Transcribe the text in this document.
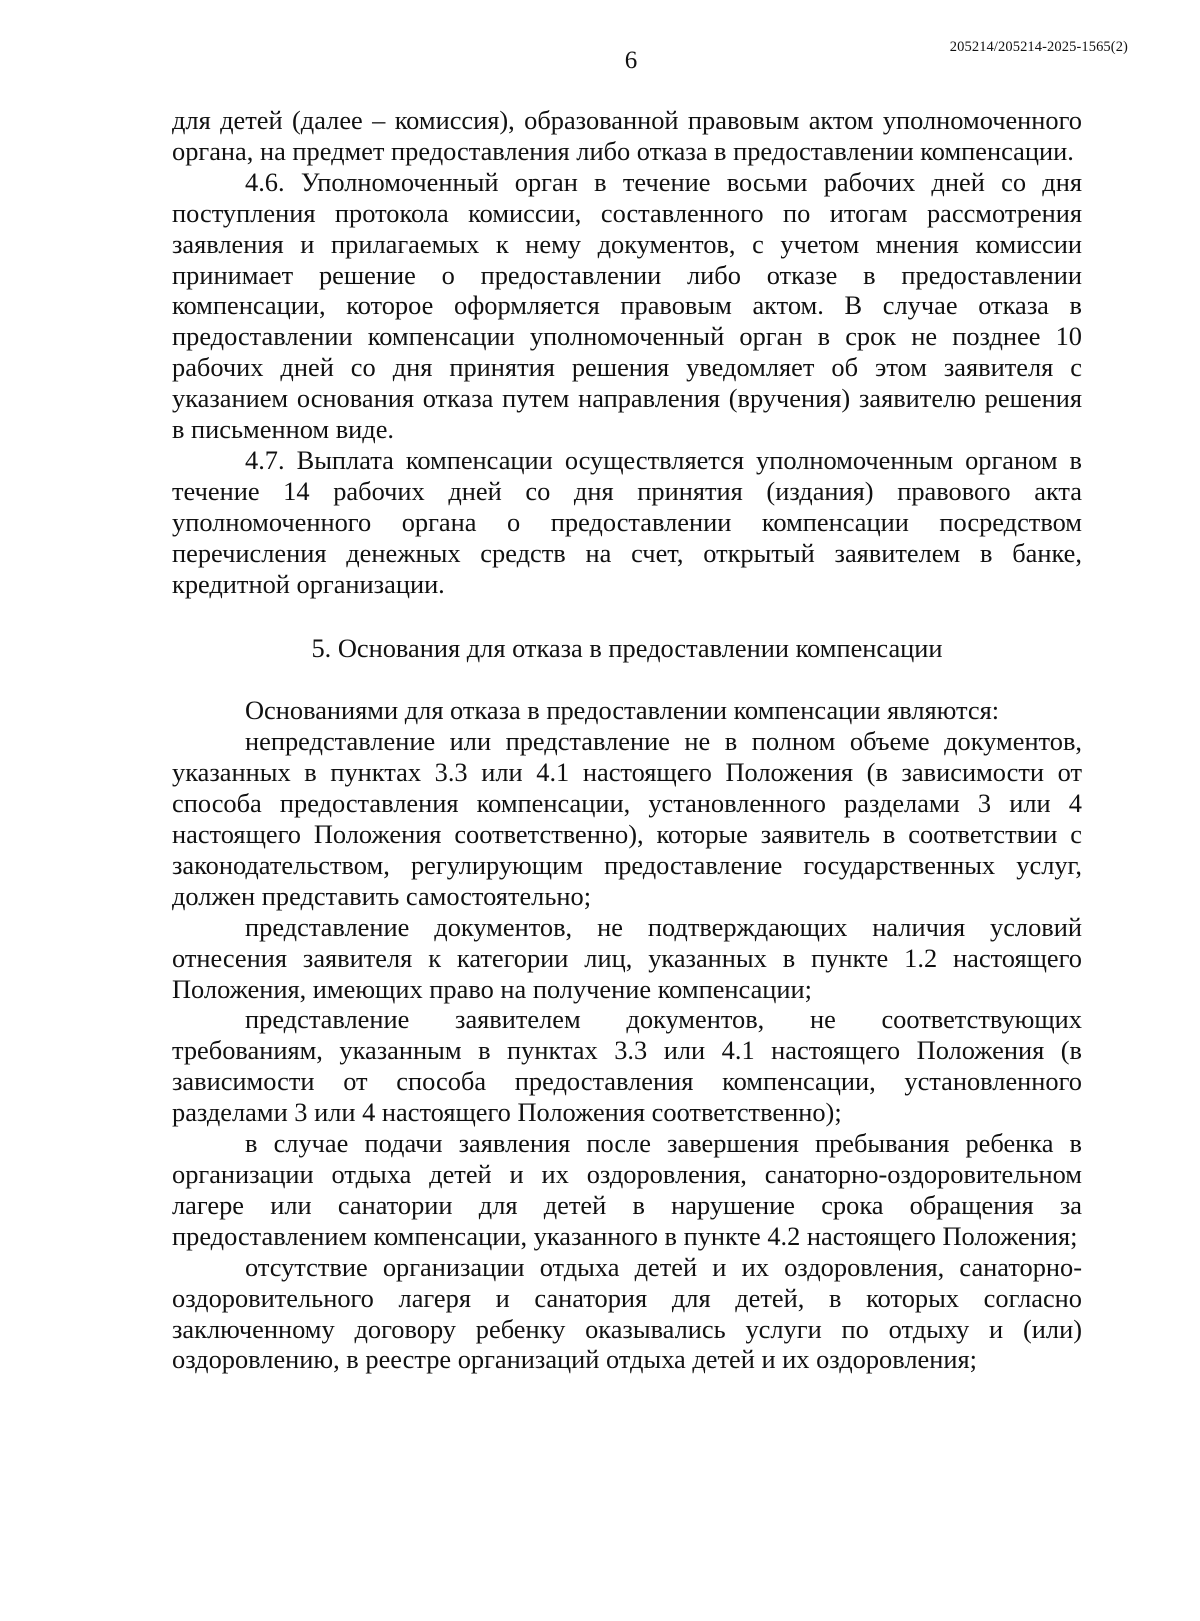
6	205214/205214-2025-1565(2)

для детей (далее – комиссия), образованной правовым актом уполномоченного органа, на предмет предоставления либо отказа в предоставлении компенсации.

4.6. Уполномоченный орган в течение восьми рабочих дней со дня поступления протокола комиссии, составленного по итогам рассмотрения заявления и прилагаемых к нему документов, с учетом мнения комиссии принимает решение о предоставлении либо отказе в предоставлении компенсации, которое оформляется правовым актом. В случае отказа в предоставлении компенсации уполномоченный орган в срок не позднее 10 рабочих дней со дня принятия решения уведомляет об этом заявителя с указанием основания отказа путем направления (вручения) заявителю решения в письменном виде.

4.7. Выплата компенсации осуществляется уполномоченным органом в течение 14 рабочих дней со дня принятия (издания) правового акта уполномоченного органа о предоставлении компенсации посредством перечисления денежных средств на счет, открытый заявителем в банке, кредитной организации.

5. Основания для отказа в предоставлении компенсации

Основаниями для отказа в предоставлении компенсации являются:

непредставление или представление не в полном объеме документов, указанных в пунктах 3.3 или 4.1 настоящего Положения (в зависимости от способа предоставления компенсации, установленного разделами 3 или 4 настоящего Положения соответственно), которые заявитель в соответствии с законодательством, регулирующим предоставление государственных услуг, должен представить самостоятельно;

представление документов, не подтверждающих наличия условий отнесения заявителя к категории лиц, указанных в пункте 1.2 настоящего Положения, имеющих право на получение компенсации;

представление заявителем документов, не соответствующих требованиям, указанным в пунктах 3.3 или 4.1 настоящего Положения (в зависимости от способа предоставления компенсации, установленного разделами 3 или 4 настоящего Положения соответственно);

в случае подачи заявления после завершения пребывания ребенка в организации отдыха детей и их оздоровления, санаторно-оздоровительном лагере или санатории для детей в нарушение срока обращения за предоставлением компенсации, указанного в пункте 4.2 настоящего Положения;

отсутствие организации отдыха детей и их оздоровления, санаторно-оздоровительного лагеря и санатория для детей, в которых согласно заключенному договору ребенку оказывались услуги по отдыху и (или) оздоровлению, в реестре организаций отдыха детей и их оздоровления;
